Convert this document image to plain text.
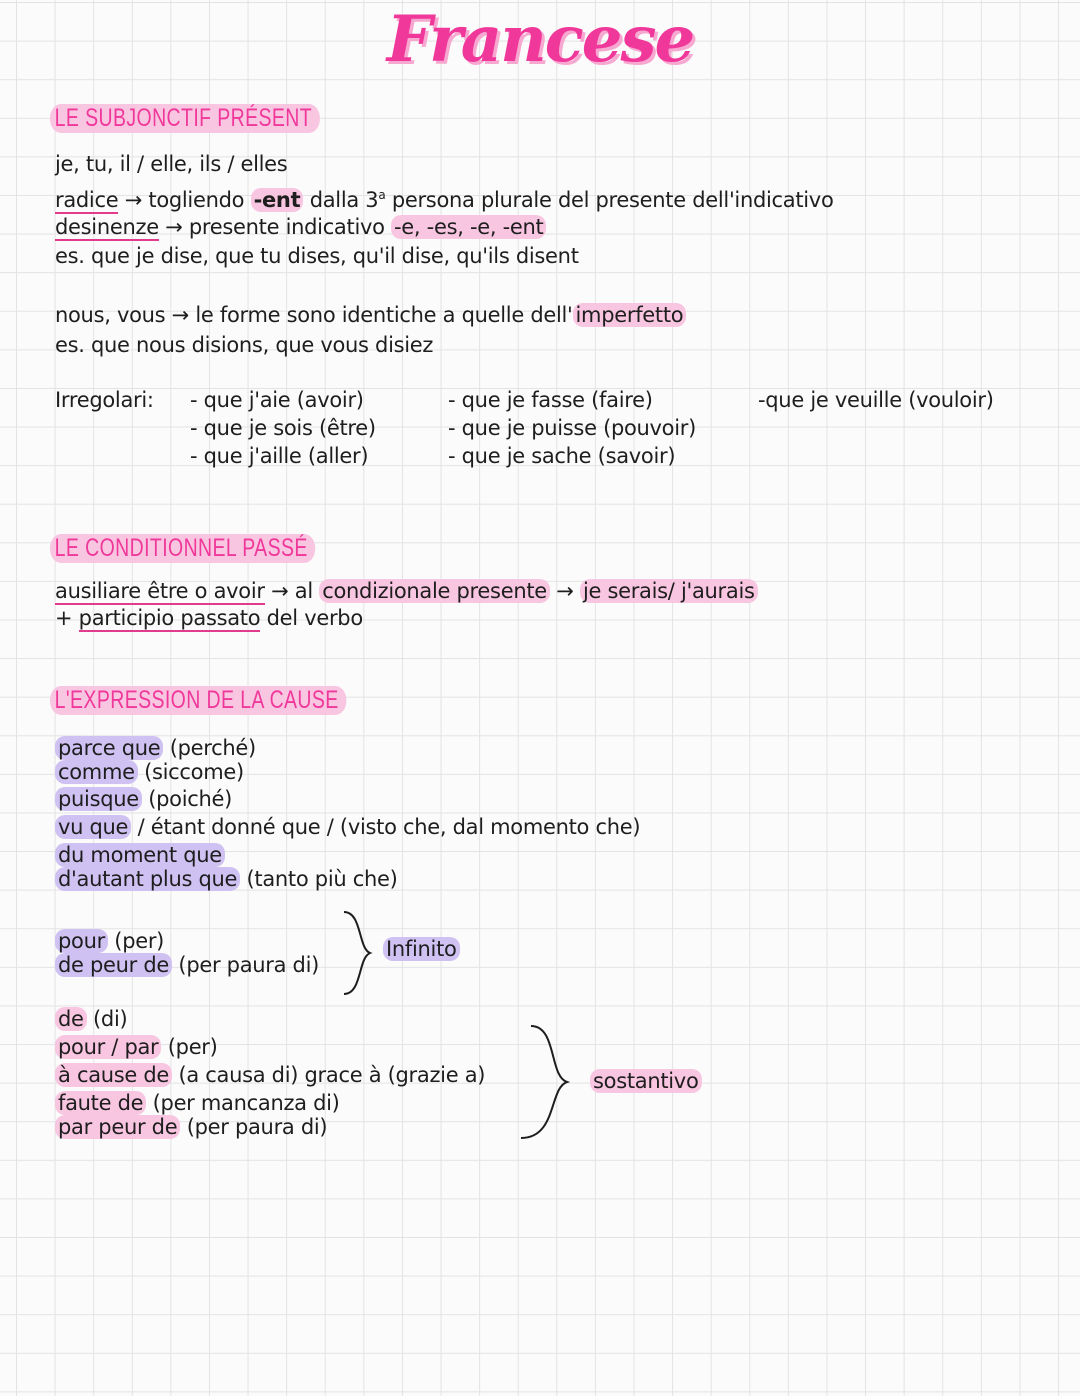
Francese
LE SUBJONCTIF PRÉSENT
je, tu, il / elle, ils / elles
radice → togliendo -ent dalla 3$^a$ persona plurale del presente dell'indicativo
desinenze → presente indicativo -e, -es, -e, -ent
es. que je dise, que tu dises, qu'il dise, qu'ils disent
nous, vous → le forme sono identiche a quelle dell' imperfetto
es. que nous disions, que vous disiez
Irregolari: - que j'aie (avoir)
- que je sois (être)
- que j'aille (aller)
- que je fasse (faire)
- que je puisse (pouvoir)
- que je sache (savoir)
-que je veuille (vouloir)
LE CONDITIONNEL PASSÉ
ausiliare être o avoir → al condizionale presente → je serais/ j'aurais
+ participio passato del verbo
L'EXPRESSION DE LA CAUSE
parce que (perché)
comme (siccome)
puisque (poiché)
vu que / étant donné que / (visto che, dal momento che)
du moment que
d'autant plus que (tanto più che)
pour (per)
de peur de (per paura di)
Infinito
de (di)
pour / par (per)
à cause de (a causa di) grace à (grazie a)
faute de (per mancanza di)
par peur de (per paura di)
sostantivo
